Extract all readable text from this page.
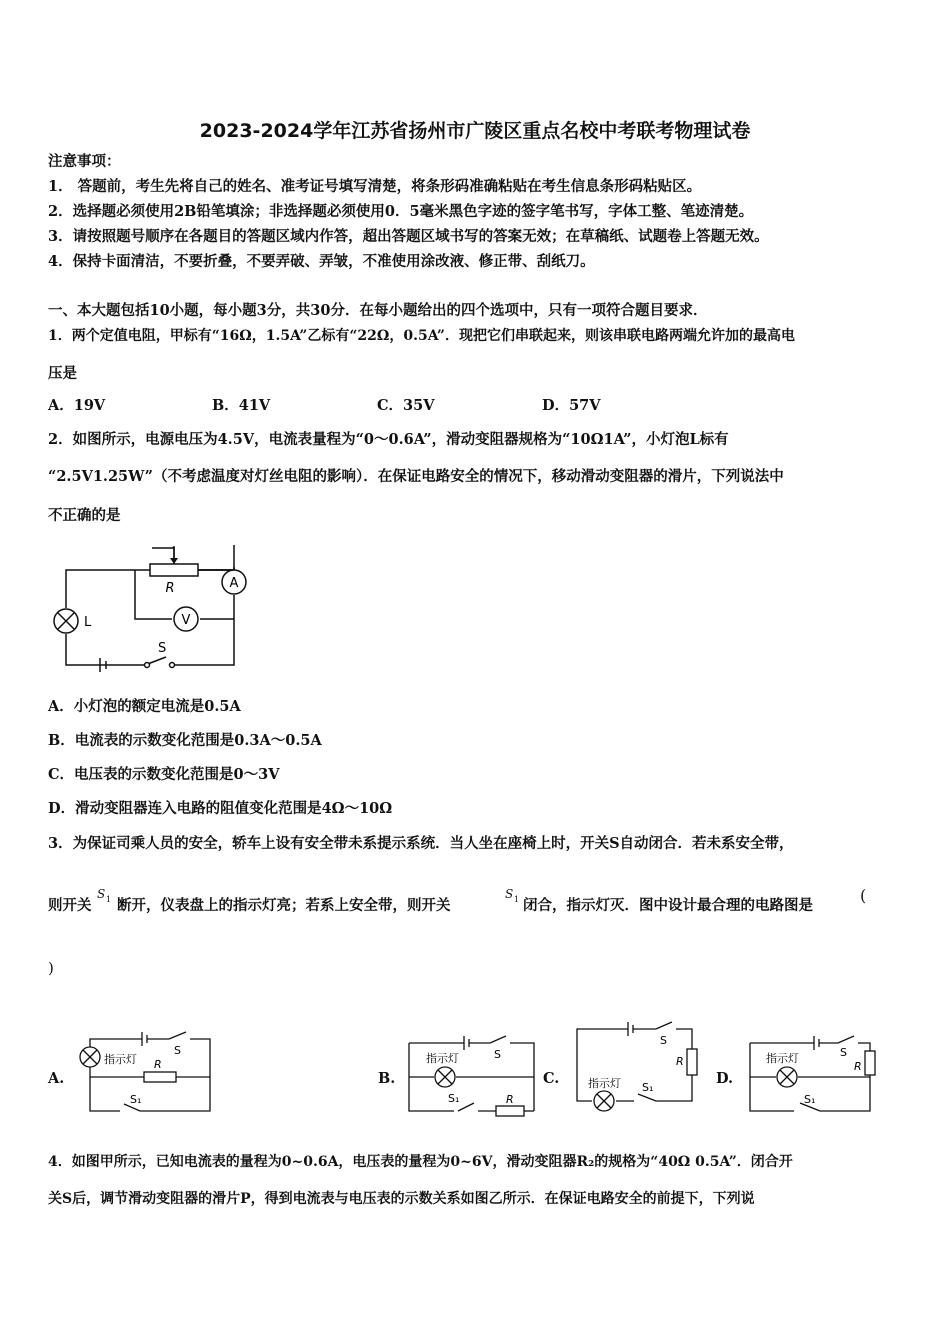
2023-2024学年江苏省扬州市广陵区重点名校中考联考物理试卷
注意事项：
1． 答题前，考生先将自己的姓名、准考证号填写清楚，将条形码准确粘贴在考生信息条形码粘贴区。
2．选择题必须使用2B铅笔填涂；非选择题必须使用0．5毫米黑色字迹的签字笔书写，字体工整、笔迹清楚。
3．请按照题号顺序在各题目的答题区域内作答，超出答题区域书写的答案无效；在草稿纸、试题卷上答题无效。
4．保持卡面清洁，不要折叠，不要弄破、弄皱，不准使用涂改液、修正带、刮纸刀。
一、本大题包括10小题，每小题3分，共30分．在每小题给出的四个选项中，只有一项符合题目要求．
1．两个定值电阻，甲标有“16Ω，1.5A”乙标有“22Ω，0.5A”．现把它们串联起来，则该串联电路两端允许加的最高电
压是
A．19V	B．41V	C．35V	D．57V
2．如图所示，电源电压为4.5V，电流表量程为“0～0.6A”，滑动变阻器规格为“10Ω1A”，小灯泡L标有
“2.5V1.25W”（不考虑温度对灯丝电阻的影响）．在保证电路安全的情况下，移动滑动变阻器的滑片，下列说法中
不正确的是
A
V
R
L
S
A．小灯泡的额定电流是0.5A
B．电流表的示数变化范围是0.3A～0.5A
C．电压表的示数变化范围是0～3V
D．滑动变阻器连入电路的阻值变化范围是4Ω～10Ω
3．为保证司乘人员的安全，轿车上设有安全带未系提示系统．当人坐在座椅上时，开关S自动闭合．若未系安全带，
则开关
S 1 断开，仪表盘上的指示灯亮；若系上安全带，则开关
S 1 闭合，指示灯灭．图中设计最合理的电路图是
(
)
A.	B.	C.	D.
指示灯
S
R
S₁
指示灯	S
S₁	R
指示灯
S
R
S₁
指示灯	S
R
S₁
4．如图甲所示，已知电流表的量程为0~0.6A，电压表的量程为0~6V，滑动变阻器R₂的规格为“40Ω 0.5A”．闭合开
关S后，调节滑动变阻器的滑片P，得到电流表与电压表的示数关系如图乙所示．在保证电路安全的前提下，下列说
